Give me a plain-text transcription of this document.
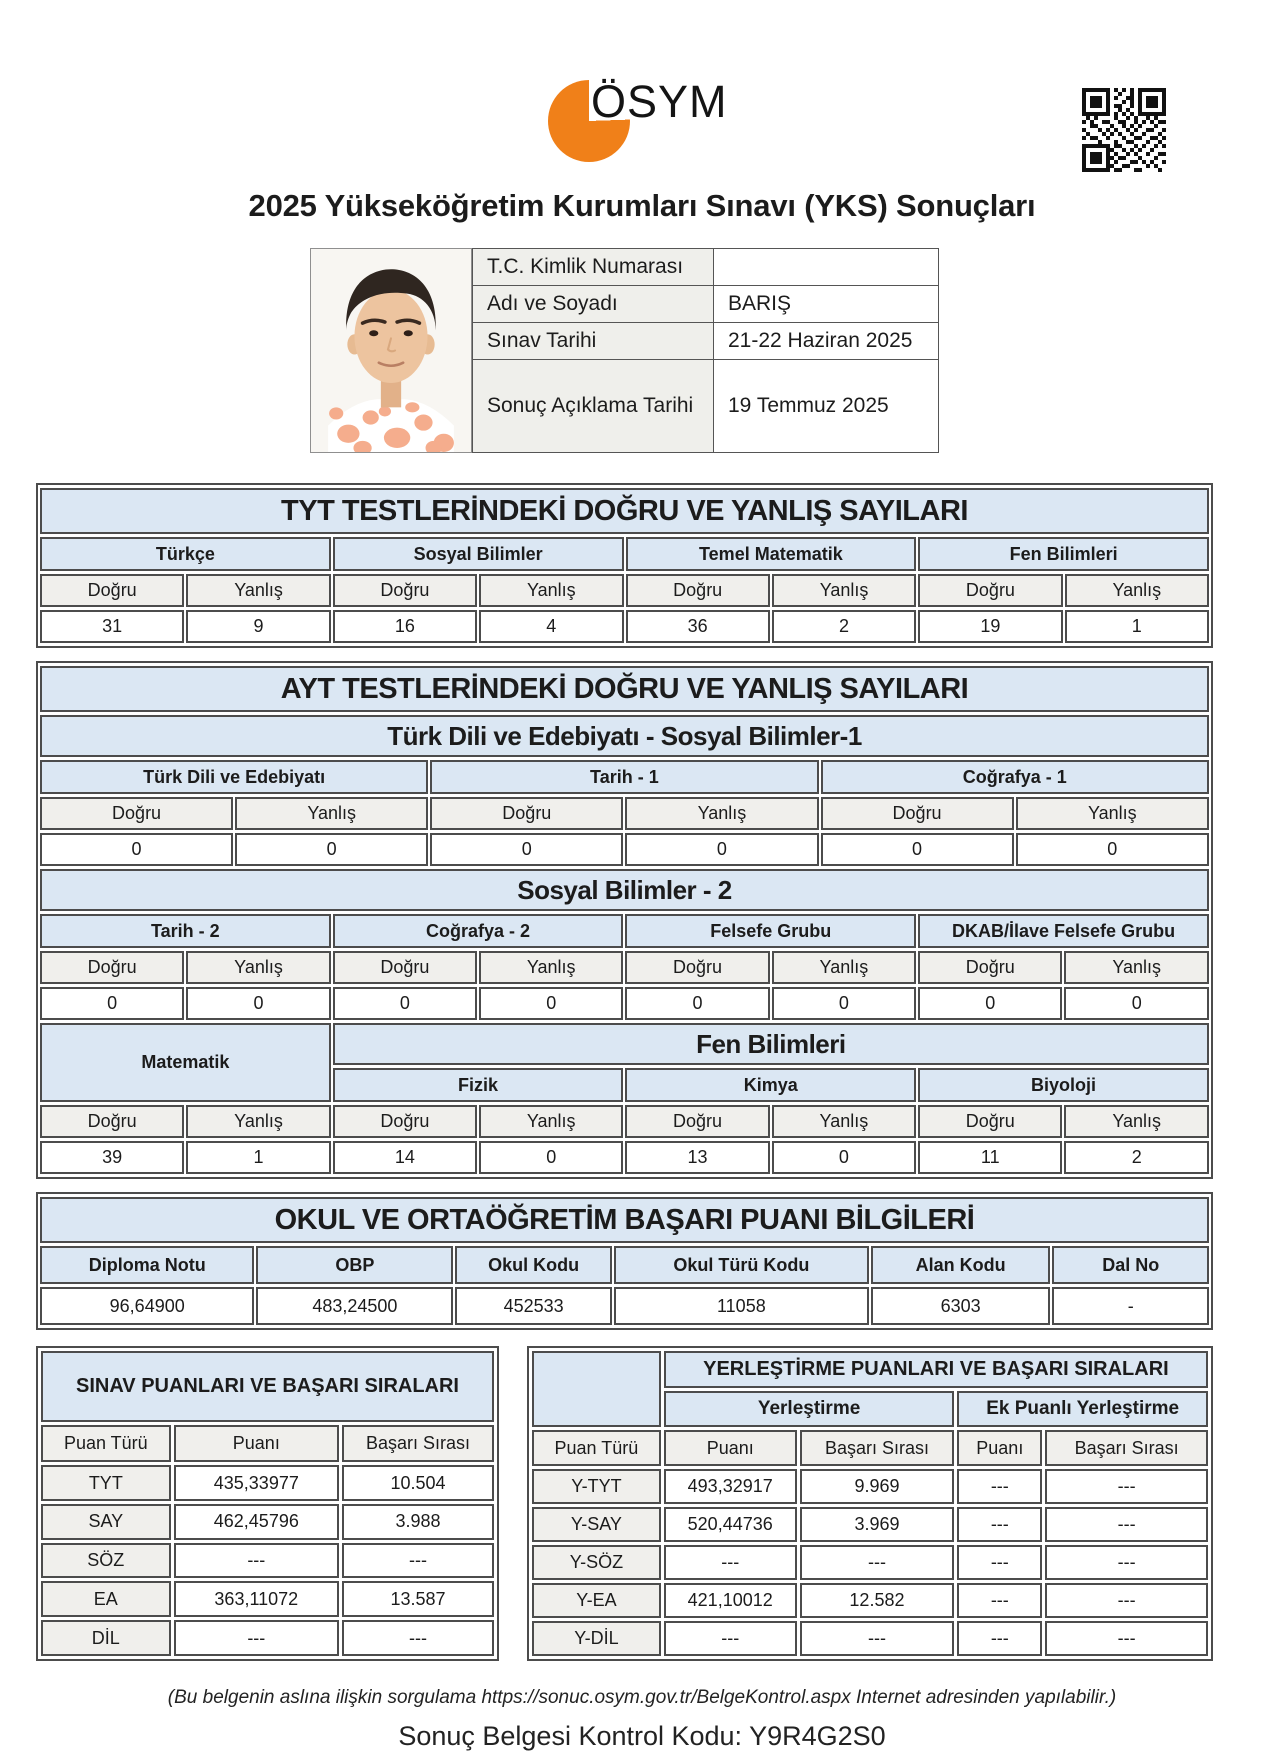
ÖSYM
2025 Yükseköğretim Kurumları Sınavı (YKS) Sonuçları
T.C. Kimlik Numarası	
Adı ve Soyadı	BARIŞ
Sınav Tarihi	21-22 Haziran 2025
Sonuç Açıklama Tarihi	19 Temmuz 2025
TYT TESTLERİNDEKİ DOĞRU VE YANLIŞ SAYILARI							
Türkçe		Sosyal Bilimler		Temel Matematik		Fen Bilimleri	
Doğru	Yanlış	Doğru	Yanlış	Doğru	Yanlış	Doğru	Yanlış
31	9	16	4	36	2	19	1
AYT TESTLERİNDEKİ DOĞRU VE YANLIŞ SAYILARI											
Türk Dili ve Edebiyatı - Sosyal Bilimler-1											
Türk Dili ve Edebiyatı				Tarih - 1				Coğrafya - 1			
Doğru		Yanlış		Doğru		Yanlış		Doğru		Yanlış	
0		0		0		0		0		0	
Sosyal Bilimler - 2											
Tarih - 2			Coğrafya - 2			Felsefe Grubu			DKAB/İlave Felsefe Grubu		
Doğru	Yanlış		Doğru		Yanlış	Doğru	Yanlış		Doğru		Yanlış
0	0		0		0	0	0		0		0
Matematik			Fen Bilimleri								
			Fizik			Kimya			Biyoloji		
Doğru	Yanlış		Doğru		Yanlış	Doğru	Yanlış		Doğru		Yanlış
39	1		14		0	13	0		11		2
OKUL VE ORTAÖĞRETİM BAŞARI PUANI BİLGİLERİ					
Diploma Notu	OBP	Okul Kodu	Okul Türü Kodu	Alan Kodu	Dal No
96,64900	483,24500	452533	11058	6303	-
SINAV PUANLARI VE BAŞARI SIRALARI		
Puan Türü	Puanı	Başarı Sırası
TYT	435,33977	10.504
SAY	462,45796	3.988
SÖZ	---	---
EA	363,11072	13.587
DİL	---	---
	YERLEŞTİRME PUANLARI VE BAŞARI SIRALARI			
	Yerleştirme		Ek Puanlı Yerleştirme	
Puan Türü	Puanı	Başarı Sırası	Puanı	Başarı Sırası
Y-TYT	493,32917	9.969	---	---
Y-SAY	520,44736	3.969	---	---
Y-SÖZ	---	---	---	---
Y-EA	421,10012	12.582	---	---
Y-DİL	---	---	---	---
(Bu belgenin aslına ilişkin sorgulama https://sonuc.osym.gov.tr/BelgeKontrol.aspx Internet adresinden yapılabilir.)
Sonuç Belgesi Kontrol Kodu: Y9R4G2S0
